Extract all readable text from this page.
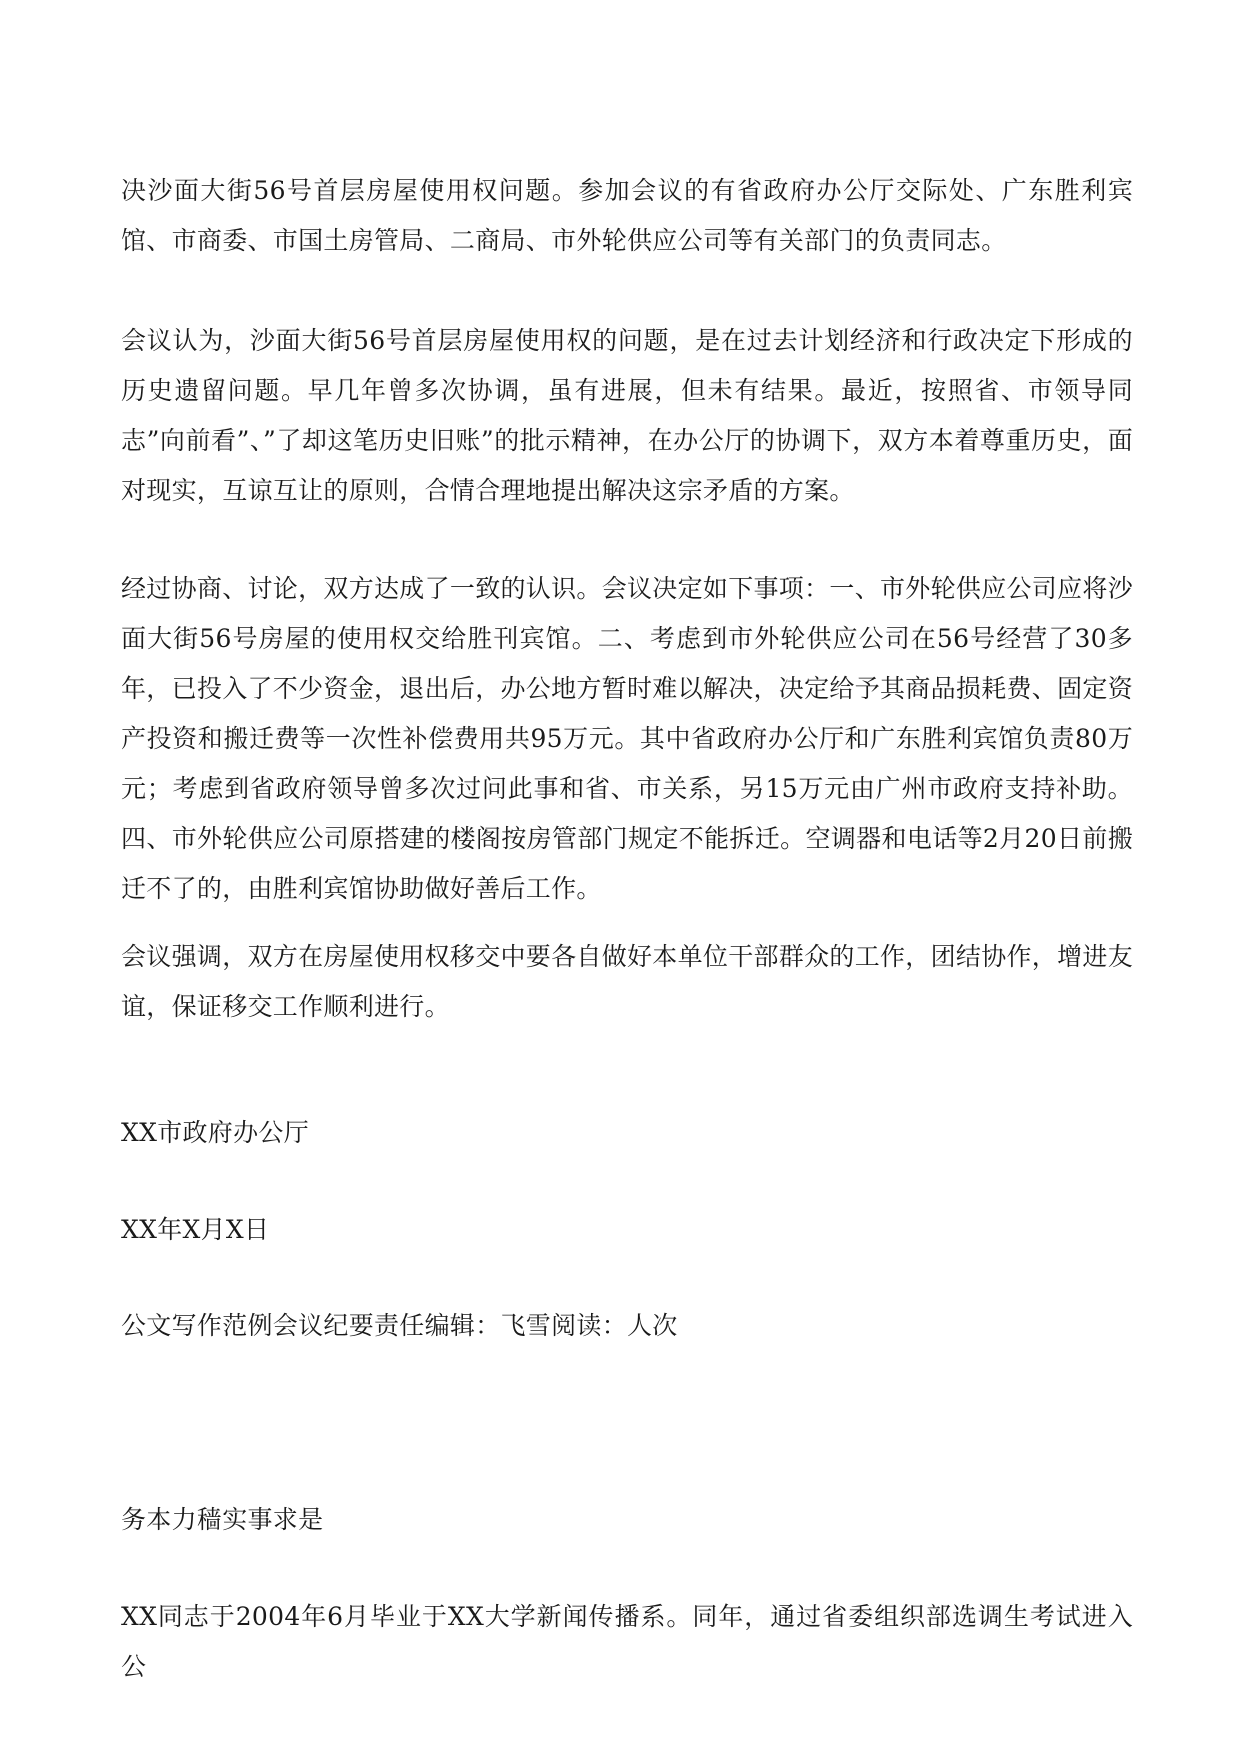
决沙面大街56号首层房屋使用权问题。参加会议的有省政府办公厅交际处、广东胜利宾馆、市商委、市国土房管局、二商局、市外轮供应公司等有关部门的负责同志。

会议认为，沙面大街56号首层房屋使用权的问题，是在过去计划经济和行政决定下形成的历史遗留问题。早几年曾多次协调，虽有进展，但未有结果。最近，按照省、市领导同志”向前看”、”了却这笔历史旧账”的批示精神，在办公厅的协调下，双方本着尊重历史，面对现实，互谅互让的原则，合情合理地提出解决这宗矛盾的方案。

经过协商、讨论，双方达成了一致的认识。会议决定如下事项：一、市外轮供应公司应将沙面大街56号房屋的使用权交给胜刊宾馆。二、考虑到市外轮供应公司在56号经营了30多年，已投入了不少资金，退出后，办公地方暂时难以解决，决定给予其商品损耗费、固定资产投资和搬迁费等一次性补偿费用共95万元。其中省政府办公厅和广东胜利宾馆负责80万元；考虑到省政府领导曾多次过问此事和省、市关系，另15万元由广州市政府支持补助。四、市外轮供应公司原搭建的楼阁按房管部门规定不能拆迁。空调器和电话等2月20日前搬迁不了的，由胜利宾馆协助做好善后工作。

会议强调，双方在房屋使用权移交中要各自做好本单位干部群众的工作，团结协作，增进友谊，保证移交工作顺利进行。

XX市政府办公厅

XX年X月X日

公文写作范例会议纪要责任编辑：飞雪阅读：人次

务本力穑实事求是

XX同志于2004年6月毕业于XX大学新闻传播系。同年，通过省委组织部选调生考试进入公
